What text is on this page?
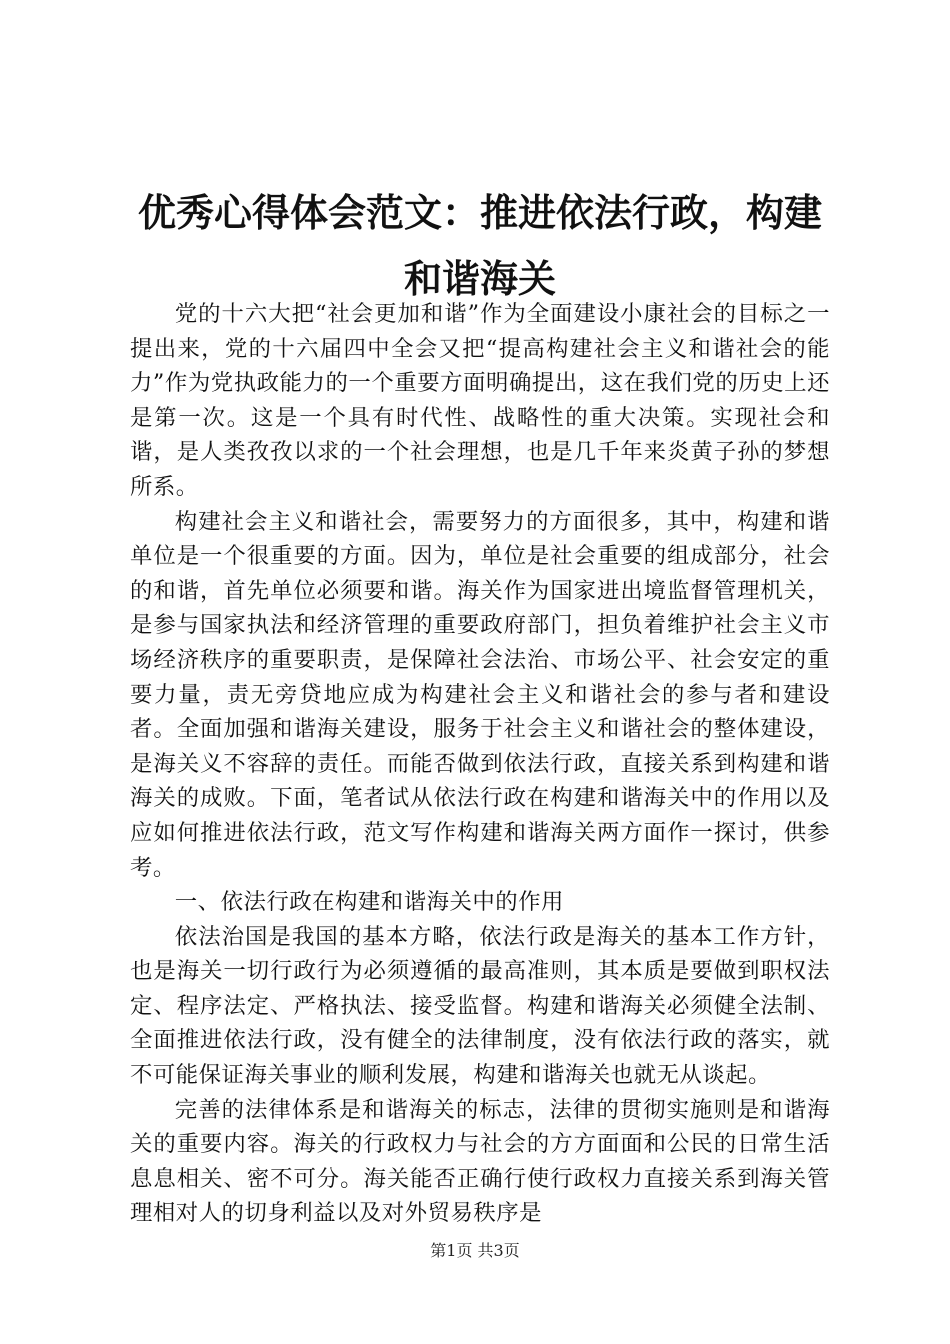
优秀心得体会范文：推进依法行政，构建和谐海关

党的十六大把“社会更加和谐”作为全面建设小康社会的目标之一提出来，党的十六届四中全会又把“提高构建社会主义和谐社会的能力”作为党执政能力的一个重要方面明确提出，这在我们党的历史上还是第一次。这是一个具有时代性、战略性的重大决策。实现社会和谐，是人类孜孜以求的一个社会理想，也是几千年来炎黄子孙的梦想所系。

构建社会主义和谐社会，需要努力的方面很多，其中，构建和谐单位是一个很重要的方面。因为，单位是社会重要的组成部分，社会的和谐，首先单位必须要和谐。海关作为国家进出境监督管理机关，是参与国家执法和经济管理的重要政府部门，担负着维护社会主义市场经济秩序的重要职责，是保障社会法治、市场公平、社会安定的重要力量，责无旁贷地应成为构建社会主义和谐社会的参与者和建设者。全面加强和谐海关建设，服务于社会主义和谐社会的整体建设，是海关义不容辞的责任。而能否做到依法行政，直接关系到构建和谐海关的成败。下面，笔者试从依法行政在构建和谐海关中的作用以及应如何推进依法行政，范文写作构建和谐海关两方面作一探讨，供参考。

一、依法行政在构建和谐海关中的作用

依法治国是我国的基本方略，依法行政是海关的基本工作方针，也是海关一切行政行为必须遵循的最高准则，其本质是要做到职权法定、程序法定、严格执法、接受监督。构建和谐海关必须健全法制、全面推进依法行政，没有健全的法律制度，没有依法行政的落实，就不可能保证海关事业的顺利发展，构建和谐海关也就无从谈起。

完善的法律体系是和谐海关的标志，法律的贯彻实施则是和谐海关的重要内容。海关的行政权力与社会的方方面面和公民的日常生活息息相关、密不可分。海关能否正确行使行政权力直接关系到海关管理相对人的切身利益以及对外贸易秩序是

第1页 共3页
